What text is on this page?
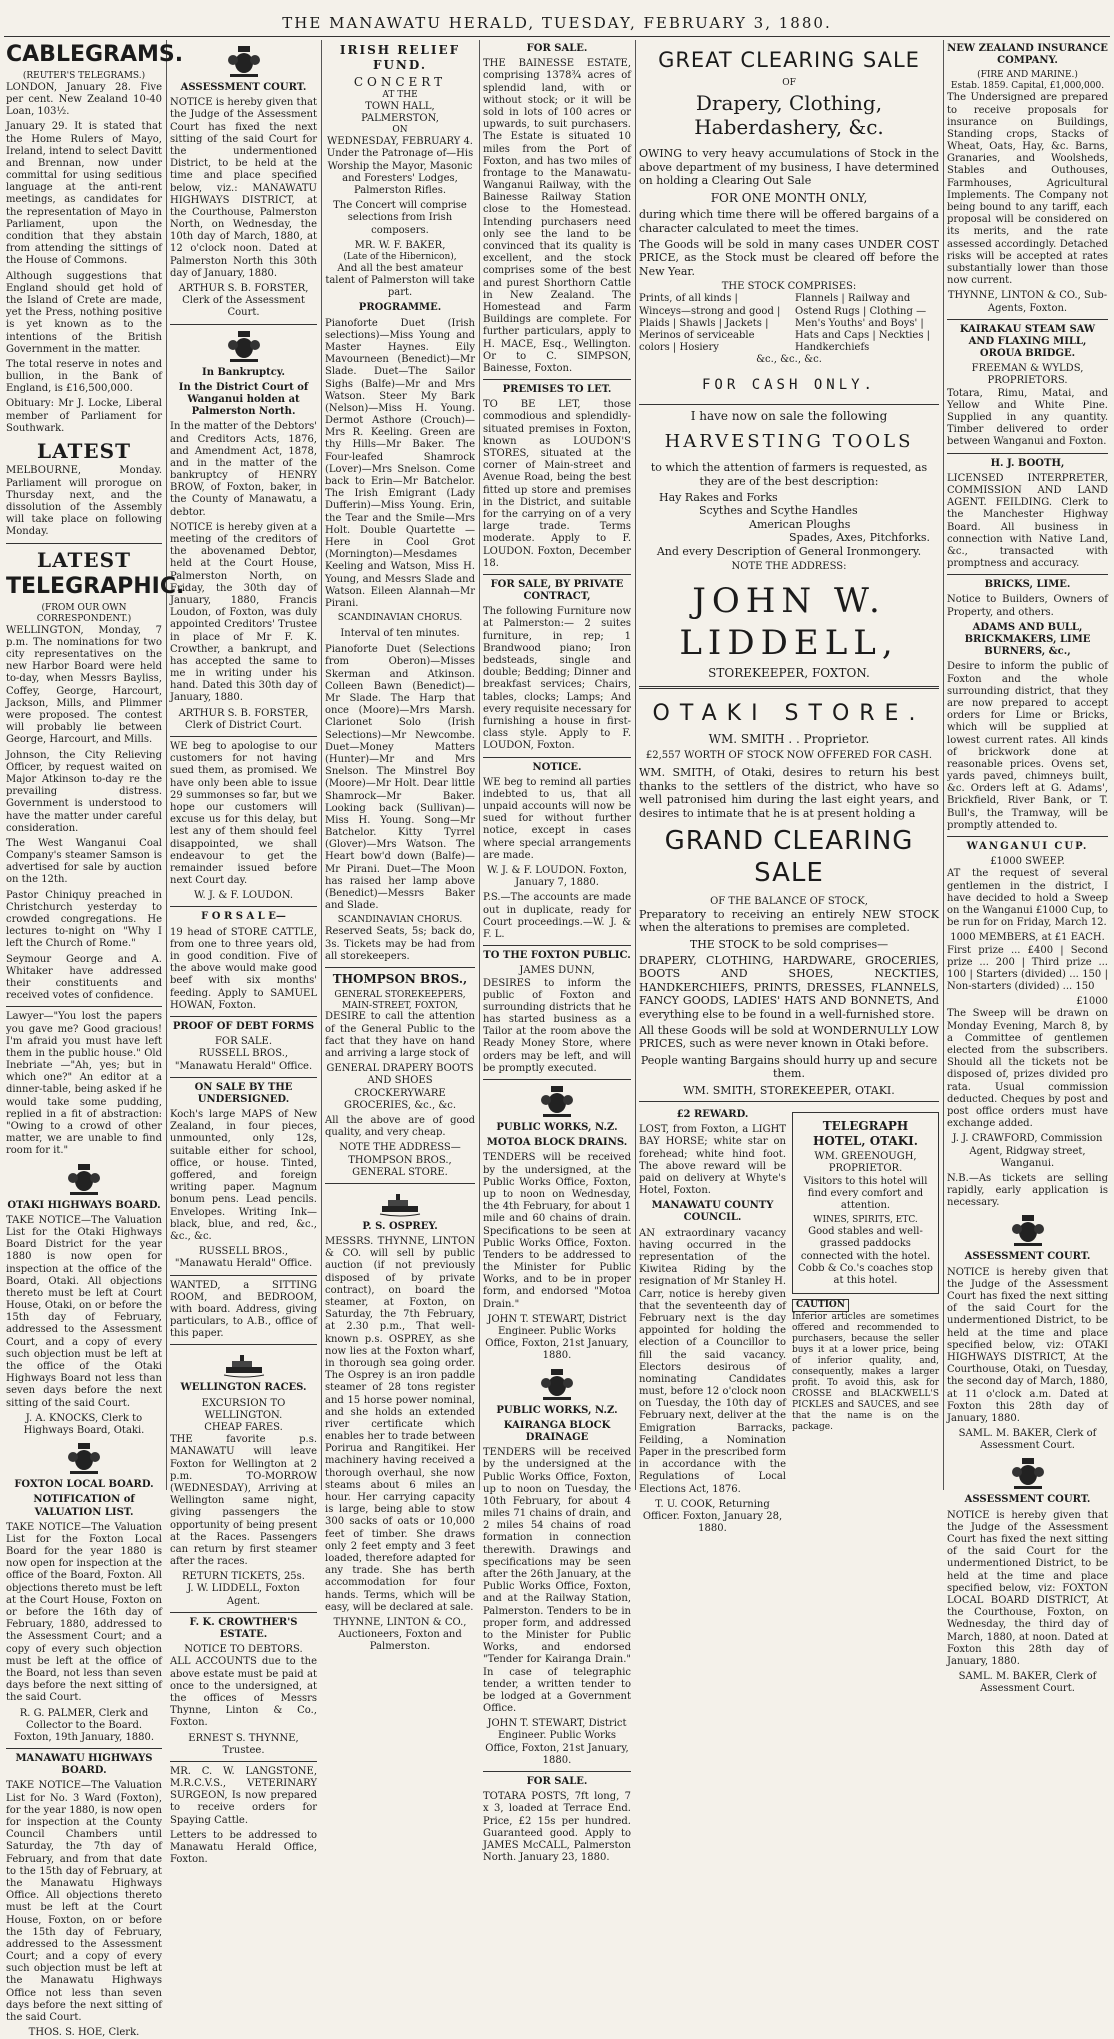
THE MANAWATU HERALD, TUESDAY, FEBRUARY 3, 1880.
CABLEGRAMS.
(REUTER'S TELEGRAMS.)

LONDON, January 28. Five per cent. New Zealand 10-40 Loan, 103½.

January 29. It is stated that the Home Rulers of Mayo, Ireland, intend to select Davitt and Brennan, now under committal for using seditious language at the anti-rent meetings, as candidates for the representation of Mayo in Parliament, upon the condition that they abstain from attending the sittings of the House of Commons.

Although suggestions that England should get hold of the Island of Crete are made, yet the Press, nothing positive is yet known as to the intentions of the British Government in the matter.

The total reserve in notes and bullion, in the Bank of England, is £16,500,000.

Obituary: Mr J. Locke, Liberal member of Parliament for Southwark.

LATEST

MELBOURNE, Monday. Parliament will prorogue on Thursday next, and the dissolution of the Assembly will take place on following Monday.

LATEST
TELEGRAPHIC.
(FROM OUR OWN CORRESPONDENT.)

WELLINGTON, Monday, 7 p.m. The nominations for two city representatives on the new Harbor Board were held to-day, when Messrs Bayliss, Coffey, George, Harcourt, Jackson, Mills, and Plimmer were proposed. The contest will probably lie between George, Harcourt, and Mills.

Johnson, the City Relieving Officer, by request waited on Major Atkinson to-day re the prevailing distress. Government is understood to have the matter under careful consideration.

The West Wanganui Coal Company's steamer Samson is advertised for sale by auction on the 12th.

Pastor Chiniquy preached in Christchurch yesterday to crowded congregations. He lectures to-night on "Why I left the Church of Rome."

Seymour George and A. Whitaker have addressed their constituents and received votes of confidence.

Lawyer—"You lost the papers you gave me? Good gracious! I'm afraid you must have left them in the public house." Old Inebriate —"Ah, yes; but in which one?" An editor at a dinner-table, being asked if he would take some pudding, replied in a fit of abstraction: "Owing to a crowd of other matter, we are unable to find room for it."

OTAKI HIGHWAYS BOARD.

TAKE NOTICE—The Valuation List for the Otaki Highways Board District for the year 1880 is now open for inspection at the office of the Board, Otaki. All objections thereto must be left at Court House, Otaki, on or before the 15th day of February, addressed to the Assessment Court, and a copy of every such objection must be left at the office of the Otaki Highways Board not less than seven days before the next sitting of the said Court.

J. A. KNOCKS, Clerk to Highways Board, Otaki.

FOXTON LOCAL BOARD.
NOTIFICATION of VALUATION LIST.

TAKE NOTICE—The Valuation List for the Foxton Local Board for the year 1880 is now open for inspection at the office of the Board, Foxton. All objections thereto must be left at the Court House, Foxton on or before the 16th day of February, 1880, addressed to the Assessment Court; and a copy of every such objection must be left at the office of the Board, not less than seven days before the next sitting of the said Court.

R. G. PALMER, Clerk and Collector to the Board. Foxton, 19th January, 1880.

MANAWATU HIGHWAYS BOARD.

TAKE NOTICE—The Valuation List for No. 3 Ward (Foxton), for the year 1880, is now open for inspection at the County Council Chambers until Saturday, the 7th day of February, and from that date to the 15th day of February, at the Manawatu Highways Office. All objections thereto must be left at the Court House, Foxton, on or before the 15th day of February, addressed to the Assessment Court; and a copy of every such objection must be left at the Manawatu Highways Office not less than seven days before the next sitting of the said Court.

THOS. S. HOE, Clerk.

ASSESSMENT COURT.

NOTICE is hereby given that the Judge of the Assessment Court has fixed the next sitting of the said Court for the undermentioned District, to be held at the time and place specified below, viz.: MANAWATU HIGHWAYS DISTRICT, at the Courthouse, Palmerston North, on Wednesday, the 10th day of March, 1880, at 12 o'clock noon. Dated at Palmerston North this 30th day of January, 1880.

ARTHUR S. B. FORSTER, Clerk of the Assessment Court.

In Bankruptcy.
In the District Court of Wanganui holden at Palmerston North.

In the matter of the Debtors' and Creditors Acts, 1876, and Amendment Act, 1878, and in the matter of the bankruptcy of HENRY BROW, of Foxton, baker, in the County of Manawatu, a debtor.

NOTICE is hereby given at a meeting of the creditors of the abovenamed Debtor, held at the Court House, Palmerston North, on Friday, the 30th day of January, 1880, Francis Loudon, of Foxton, was duly appointed Creditors' Trustee in place of Mr F. K. Crowther, a bankrupt, and has accepted the same to me in writing under his hand. Dated this 30th day of January, 1880.

ARTHUR S. B. FORSTER, Clerk of District Court.

WE beg to apologise to our customers for not having sued them, as promised. We have only been able to issue 29 summonses so far, but we hope our customers will excuse us for this delay, but lest any of them should feel disappointed, we shall endeavour to get the remainder issued before next Court day.

W. J. & F. LOUDON.

F O R S A L E—

19 head of STORE CATTLE, from one to three years old, in good condition. Five of the above would make good beef with six months' feeding. Apply to SAMUEL HOWAN, Foxton.

PROOF OF DEBT FORMS
FOR SALE.

RUSSELL BROS., "Manawatu Herald" Office.

ON SALE BY THE UNDERSIGNED.

Koch's large MAPS of New Zealand, in four pieces, unmounted, only 12s, suitable either for school, office, or house. Tinted, goffered, and foreign writing paper. Magnum bonum pens. Lead pencils. Envelopes. Writing Ink—black, blue, and red, &c., &c., &c.

RUSSELL BROS., "Manawatu Herald" Office.

WANTED, a SITTING ROOM, and BEDROOM, with board. Address, giving particulars, to A.B., office of this paper.

WELLINGTON RACES.
EXCURSION TO WELLINGTON.
CHEAP FARES.

THE favorite p.s. MANAWATU will leave Foxton for Wellington at 2 p.m. TO-MORROW (WEDNESDAY), Arriving at Wellington same night, giving passengers the opportunity of being present at the Races. Passengers can return by first steamer after the races.

RETURN TICKETS, 25s.

J. W. LIDDELL, Foxton Agent.

F. K. CROWTHER'S ESTATE.
NOTICE TO DEBTORS.

ALL ACCOUNTS due to the above estate must be paid at once to the undersigned, at the offices of Messrs Thynne, Linton & Co., Foxton.

ERNEST S. THYNNE, Trustee.

MR. C. W. LANGSTONE, M.R.C.V.S., VETERINARY SURGEON, Is now prepared to receive orders for Spaying Cattle.

Letters to be addressed to Manawatu Herald Office, Foxton.

IRISH RELIEF FUND.
CONCERT
AT THE
TOWN HALL, PALMERSTON,
ON
WEDNESDAY, FEBRUARY 4.

Under the Patronage of—His Worship the Mayor, Masonic and Foresters' Lodges, Palmerston Rifles.

The Concert will comprise selections from Irish composers.

MR. W. F. BAKER,
(Late of the Hibernicon),

And all the best amateur talent of Palmerston will take part.

PROGRAMME.

Pianoforte Duet (Irish selections)—Miss Young and Master Haynes. Eily Mavourneen (Benedict)—Mr Slade. Duet—The Sailor Sighs (Balfe)—Mr and Mrs Watson. Steer My Bark (Nelson)—Miss H. Young. Dermot Asthore (Crouch)—Mrs R. Keeling. Green are thy Hills—Mr Baker. The Four-leafed Shamrock (Lover)—Mrs Snelson. Come back to Erin—Mr Batchelor. The Irish Emigrant (Lady Dufferin)—Miss Young. Erin, the Tear and the Smile—Mrs Holt. Double Quartette — Here in Cool Grot (Mornington)—Mesdames Keeling and Watson, Miss H. Young, and Messrs Slade and Watson. Eileen Alannah—Mr Pirani.

SCANDINAVIAN CHORUS.
Interval of ten minutes.

Pianoforte Duet (Selections from Oberon)—Misses Skerman and Atkinson. Colleen Bawn (Benedict)—Mr Slade. The Harp that once (Moore)—Mrs Marsh. Clarionet Solo (Irish Selections)—Mr Newcombe. Duet—Money Matters (Hunter)—Mr and Mrs Snelson. The Minstrel Boy (Moore)—Mr Holt. Dear little Shamrock—Mr Baker. Looking back (Sullivan)—Miss H. Young. Song—Mr Batchelor. Kitty Tyrrel (Glover)—Mrs Watson. The Heart bow'd down (Balfe)—Mr Pirani. Duet—The Moon has raised her lamp above (Benedict)—Messrs Baker and Slade.

SCANDINAVIAN CHORUS.

Reserved Seats, 5s; back do, 3s. Tickets may be had from all storekeepers.

THOMPSON BROS.,
GENERAL STOREKEEPERS, MAIN-STREET, FOXTON,

DESIRE to call the attention of the General Public to the fact that they have on hand and arriving a large stock of

GENERAL DRAPERY BOOTS AND SHOES CROCKERYWARE GROCERIES, &c., &c.

All the above are of good quality, and very cheap.

NOTE THE ADDRESS—THOMPSON BROS., GENERAL STORE.

P. S. OSPREY.

MESSRS. THYNNE, LINTON & CO. will sell by public auction (if not previously disposed of by private contract), on board the steamer, at Foxton, on Saturday, the 7th February, at 2.30 p.m., That well-known p.s. OSPREY, as she now lies at the Foxton wharf, in thorough sea going order. The Osprey is an iron paddle steamer of 28 tons register and 15 horse power nominal, and she holds an extended river certificate which enables her to trade between Porirua and Rangitikei. Her machinery having received a thorough overhaul, she now steams about 6 miles an hour. Her carrying capacity is large, being able to stow 300 sacks of oats or 10,000 feet of timber. She draws only 2 feet empty and 3 feet loaded, therefore adapted for any trade. She has berth accommodation for four hands. Terms, which will be easy, will be declared at sale.

THYNNE, LINTON & CO., Auctioneers, Foxton and Palmerston.

FOR SALE.

THE BAINESSE ESTATE, comprising 1378¾ acres of splendid land, with or without stock; or it will be sold in lots of 100 acres or upwards, to suit purchasers. The Estate is situated 10 miles from the Port of Foxton, and has two miles of frontage to the Manawatu-Wanganui Railway, with the Bainesse Railway Station close to the Homestead. Intending purchasers need only see the land to be convinced that its quality is excellent, and the stock comprises some of the best and purest Shorthorn Cattle in New Zealand. The Homestead and Farm Buildings are complete. For further particulars, apply to H. MACE, Esq., Wellington. Or to C. SIMPSON, Bainesse, Foxton.

PREMISES TO LET.

TO BE LET, those commodious and splendidly-situated premises in Foxton, known as LOUDON'S STORES, situated at the corner of Main-street and Avenue Road, being the best fitted up store and premises in the District, and suitable for the carrying on of a very large trade. Terms moderate. Apply to F. LOUDON. Foxton, December 18.

FOR SALE, BY PRIVATE CONTRACT,

The following Furniture now at Palmerston:— 2 suites furniture, in rep; 1 Brandwood piano; Iron bedsteads, single and double; Bedding; Dinner and breakfast services; Chairs, tables, clocks; Lamps; And every requisite necessary for furnishing a house in first-class style. Apply to F. LOUDON, Foxton.

NOTICE.

WE beg to remind all parties indebted to us, that all unpaid accounts will now be sued for without further notice, except in cases where special arrangements are made.

W. J. & F. LOUDON. Foxton, January 7, 1880.

P.S.—The accounts are made out in duplicate, ready for Court proceedings.—W. J. & F. L.

TO THE FOXTON PUBLIC.
JAMES DUNN,

DESIRES to inform the public of Foxton and surrounding districts that he has started business as a Tailor at the room above the Ready Money Store, where orders may be left, and will be promptly executed.

PUBLIC WORKS, N.Z.
MOTOA BLOCK DRAINS.

TENDERS will be received by the undersigned, at the Public Works Office, Foxton, up to noon on Wednesday, the 4th February, for about 1 mile and 60 chains of drain. Specifications to be seen at Public Works Office, Foxton. Tenders to be addressed to the Minister for Public Works, and to be in proper form, and endorsed "Motoa Drain."

JOHN T. STEWART, District Engineer. Public Works Office, Foxton, 21st January, 1880.

PUBLIC WORKS, N.Z.
KAIRANGA BLOCK DRAINAGE

TENDERS will be received by the undersigned at the Public Works Office, Foxton, up to noon on Tuesday, the 10th February, for about 4 miles 71 chains of drain, and 2 miles 54 chains of road formation in connection therewith. Drawings and specifications may be seen after the 26th January, at the Public Works Office, Foxton, and at the Railway Station, Palmerston. Tenders to be in proper form, and addressed to the Minister for Public Works, and endorsed "Tender for Kairanga Drain." In case of telegraphic tender, a written tender to be lodged at a Government Office.

JOHN T. STEWART, District Engineer. Public Works Office, Foxton, 21st January, 1880.

FOR SALE.

TOTARA POSTS, 7ft long, 7 x 3, loaded at Terrace End. Price, £2 15s per hundred. Guaranteed good. Apply to JAMES McCALL, Palmerston North. January 23, 1880.

GREAT CLEARING SALE
OF
Drapery, Clothing, Haberdashery, &c.

OWING to very heavy accumulations of Stock in the above department of my business, I have determined on holding a Clearing Out Sale

FOR ONE MONTH ONLY,

during which time there will be offered bargains of a character calculated to meet the times.

The Goods will be sold in many cases UNDER COST PRICE, as the Stock must be cleared off before the New Year.

THE STOCK COMPRISES:
Prints, of all kinds | Winceys—strong and good | Plaids | Shawls | Jackets | Merinos of serviceable colors | Hosiery
Flannels | Railway and Ostend Rugs | Clothing — Men's Youths' and Boys' | Hats and Caps | Neckties | Handkerchiefs
&c., &c., &c.
FOR CASH ONLY.
I have now on sale the following
HARVESTING TOOLS

to which the attention of farmers is requested, as they are of the best description:

Hay Rakes and Forks
Scythes and Scythe Handles
American Ploughs
Spades, Axes, Pitchforks.

And every Description of General Ironmongery.

NOTE THE ADDRESS:
JOHN W. LIDDELL,
STOREKEEPER, FOXTON.
OTAKI STORE.
WM. SMITH . . Proprietor.
£2,557 WORTH OF STOCK NOW OFFERED FOR CASH.

WM. SMITH, of Otaki, desires to return his best thanks to the settlers of the district, who have so well patronised him during the last eight years, and desires to intimate that he is at present holding a

GRAND CLEARING SALE
OF THE BALANCE OF STOCK,

Preparatory to receiving an entirely NEW STOCK when the alterations to premises are completed.

THE STOCK to be sold comprises—

DRAPERY, CLOTHING, HARDWARE, GROCERIES, BOOTS AND SHOES, NECKTIES, HANDKERCHIEFS, PRINTS, DRESSES, FLANNELS, FANCY GOODS, LADIES' HATS AND BONNETS, And everything else to be found in a well-furnished store.

All these Goods will be sold at WONDERNULLY LOW PRICES, such as were never known in Otaki before.

People wanting Bargains should hurry up and secure them.

WM. SMITH, STOREKEEPER, OTAKI.

£2 REWARD.

LOST, from Foxton, a LIGHT BAY HORSE; white star on forehead; white hind foot. The above reward will be paid on delivery at Whyte's Hotel, Foxton.

MANAWATU COUNTY COUNCIL.

AN extraordinary vacancy having occurred in the representation of the Kiwitea Riding by the resignation of Mr Stanley H. Carr, notice is hereby given that the seventeenth day of February next is the day appointed for holding the election of a Councillor to fill the said vacancy. Electors desirous of nominating Candidates must, before 12 o'clock noon on Tuesday, the 10th day of February next, deliver at the Emigration Barracks, Feilding, a Nomination Paper in the prescribed form in accordance with the Regulations of Local Elections Act, 1876.

T. U. COOK, Returning Officer. Foxton, January 28, 1880.

TELEGRAPH HOTEL, OTAKI.
WM. GREENOUGH, PROPRIETOR.

Visitors to this hotel will find every comfort and attention.

WINES, SPIRITS, ETC.

Good stables and well-grassed paddocks connected with the hotel. Cobb & Co.'s coaches stop at this hotel.

CAUTION

Inferior articles are sometimes offered and recommended to purchasers, because the seller buys it at a lower price, being of inferior quality, and, consequently, makes a larger profit. To avoid this, ask for CROSSE and BLACKWELL'S PICKLES and SAUCES, and see that the name is on the package.

NEW ZEALAND INSURANCE COMPANY.
(FIRE AND MARINE.)
Estab. 1859. Capital, £1,000,000.

The Undersigned are prepared to receive proposals for insurance on Buildings, Standing crops, Stacks of Wheat, Oats, Hay, &c. Barns, Granaries, and Woolsheds, Stables and Outhouses, Farmhouses, Agricultural Implements. The Company not being bound to any tariff, each proposal will be considered on its merits, and the rate assessed accordingly. Detached risks will be accepted at rates substantially lower than those now current.

THYNNE, LINTON & CO., Sub-Agents, Foxton.

KAIRAKAU STEAM SAW AND FLAXING MILL, OROUA BRIDGE.
FREEMAN & WYLDS, PROPRIETORS.

Totara, Rimu, Matai, and Yellow and White Pine. Supplied in any quantity. Timber delivered to order between Wanganui and Foxton.

H. J. BOOTH,

LICENSED INTERPRETER, COMMISSION AND LAND AGENT. FEILDING. Clerk to the Manchester Highway Board. All business in connection with Native Land, &c., transacted with promptness and accuracy.

BRICKS, LIME.

Notice to Builders, Owners of Property, and others.

ADAMS AND BULL, BRICKMAKERS, LIME BURNERS, &c.,

Desire to inform the public of Foxton and the whole surrounding district, that they are now prepared to accept orders for Lime or Bricks, which will be supplied at lowest current rates. All kinds of brickwork done at reasonable prices. Ovens set, yards paved, chimneys built, &c. Orders left at G. Adams', Brickfield, River Bank, or T. Bull's, the Tramway, will be promptly attended to.

WANGANUI CUP.
£1000 SWEEP.

AT the request of several gentlemen in the district, I have decided to hold a Sweep on the Wanganui £1000 Cup, to be run for on Friday, March 12.

1000 MEMBERS, at £1 EACH.

First prize ... £400 | Second prize ... 200 | Third prize ... 100 | Starters (divided) ... 150 | Non-starters (divided) ... 150

£1000

The Sweep will be drawn on Monday Evening, March 8, by a Committee of gentlemen elected from the subscribers. Should all the tickets not be disposed of, prizes divided pro rata. Usual commission deducted. Cheques by post and post office orders must have exchange added.

J. J. CRAWFORD, Commission Agent, Ridgway street, Wanganui.

N.B.—As tickets are selling rapidly, early application is necessary.

ASSESSMENT COURT.

NOTICE is hereby given that the Judge of the Assessment Court has fixed the next sitting of the said Court for the undermentioned District, to be held at the time and place specified below, viz: OTAKI HIGHWAYS DISTRICT, At the Courthouse, Otaki, on Tuesday, the second day of March, 1880, at 11 o'clock a.m. Dated at Foxton this 28th day of January, 1880.

SAML. M. BAKER, Clerk of Assessment Court.

ASSESSMENT COURT.

NOTICE is hereby given that the Judge of the Assessment Court has fixed the next sitting of the said Court for the undermentioned District, to be held at the time and place specified below, viz: FOXTON LOCAL BOARD DISTRICT, At the Courthouse, Foxton, on Wednesday, the third day of March, 1880, at noon. Dated at Foxton this 28th day of January, 1880.

SAML. M. BAKER, Clerk of Assessment Court.
